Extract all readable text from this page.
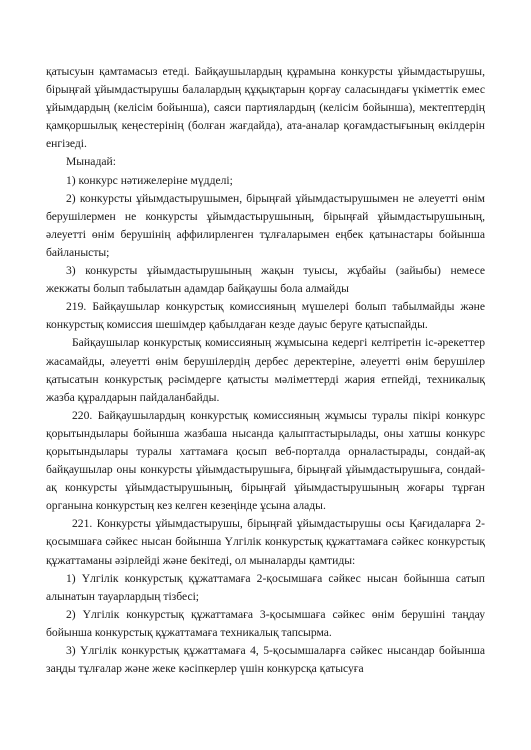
қатысуын қамтамасыз етеді. Байқаушылардың құрамына конкурсты ұйымдастырушы, бірыңғай ұйымдастырушы балалардың құқықтарын қорғау саласындағы үкіметтік емес ұйымдардың (келісім бойынша), саяси партиялардың (келісім бойынша), мектептердің қамқоршылық кеңестерінің (болған жағдайда), ата-аналар қоғамдастығының өкілдерін енгізеді.

Мынадай:

1) конкурс нәтижелеріне мүдделі;

2) конкурсты ұйымдастырушымен, бірыңғай ұйымдастырушымен не әлеуетті өнім берушілермен не конкурсты ұйымдастырушының, бірыңғай ұйымдастырушының, әлеуетті өнім берушінің аффилирленген тұлғаларымен еңбек қатынастары бойынша байланысты;

3) конкурсты ұйымдастырушының жақын туысы, жұбайы (зайыбы) немесе жекжаты болып табылатын адамдар байқаушы бола алмайды

219. Байқаушылар конкурстық комиссияның мүшелері болып табылмайды және конкурстық комиссия шешімдер қабылдаған кезде дауыс беруге қатыспайды.

Байқаушылар конкурстық комиссияның жұмысына кедергі келтіретін іс-әрекеттер жасамайды, әлеуетті өнім берушілердің дербес деректеріне, әлеуетті өнім берушілер қатысатын конкурстық рәсімдерге қатысты мәліметтерді жария етпейді, техникалық жазба құралдарын пайдаланбайды.

220. Байқаушылардың конкурстық комиссияның жұмысы туралы пікірі конкурс қорытындылары бойынша жазбаша нысанда қалыптастырылады, оны хатшы конкурс қорытындылары туралы хаттамаға қосып веб-порталда орналастырады, сондай-ақ байқаушылар оны конкурсты ұйымдастырушыға, бірыңғай ұйымдастырушыға, сондай-ақ конкурсты ұйымдастырушының, бірыңғай ұйымдастырушының жоғары тұрған органына конкурстың кез келген кезеңінде ұсына алады.

221. Конкурсты ұйымдастырушы, бірыңғай ұйымдастырушы осы Қағидаларға 2-қосымшаға сәйкес нысан бойынша Үлгілік конкурстық құжаттамаға сәйкес конкурстық құжаттаманы әзірлейді және бекітеді, ол мыналарды қамтиды:

1) Үлгілік конкурстық құжаттамаға 2-қосымшаға сәйкес нысан бойынша сатып алынатын тауарлардың тізбесі;

2) Үлгілік конкурстық құжаттамаға 3-қосымшаға сәйкес өнім берушіні таңдау бойынша конкурстық құжаттамаға техникалық тапсырма.

3) Үлгілік конкурстық құжаттамаға 4, 5-қосымшаларға сәйкес нысандар бойынша заңды тұлғалар және жеке кәсіпкерлер үшін конкурсқа қатысуға
